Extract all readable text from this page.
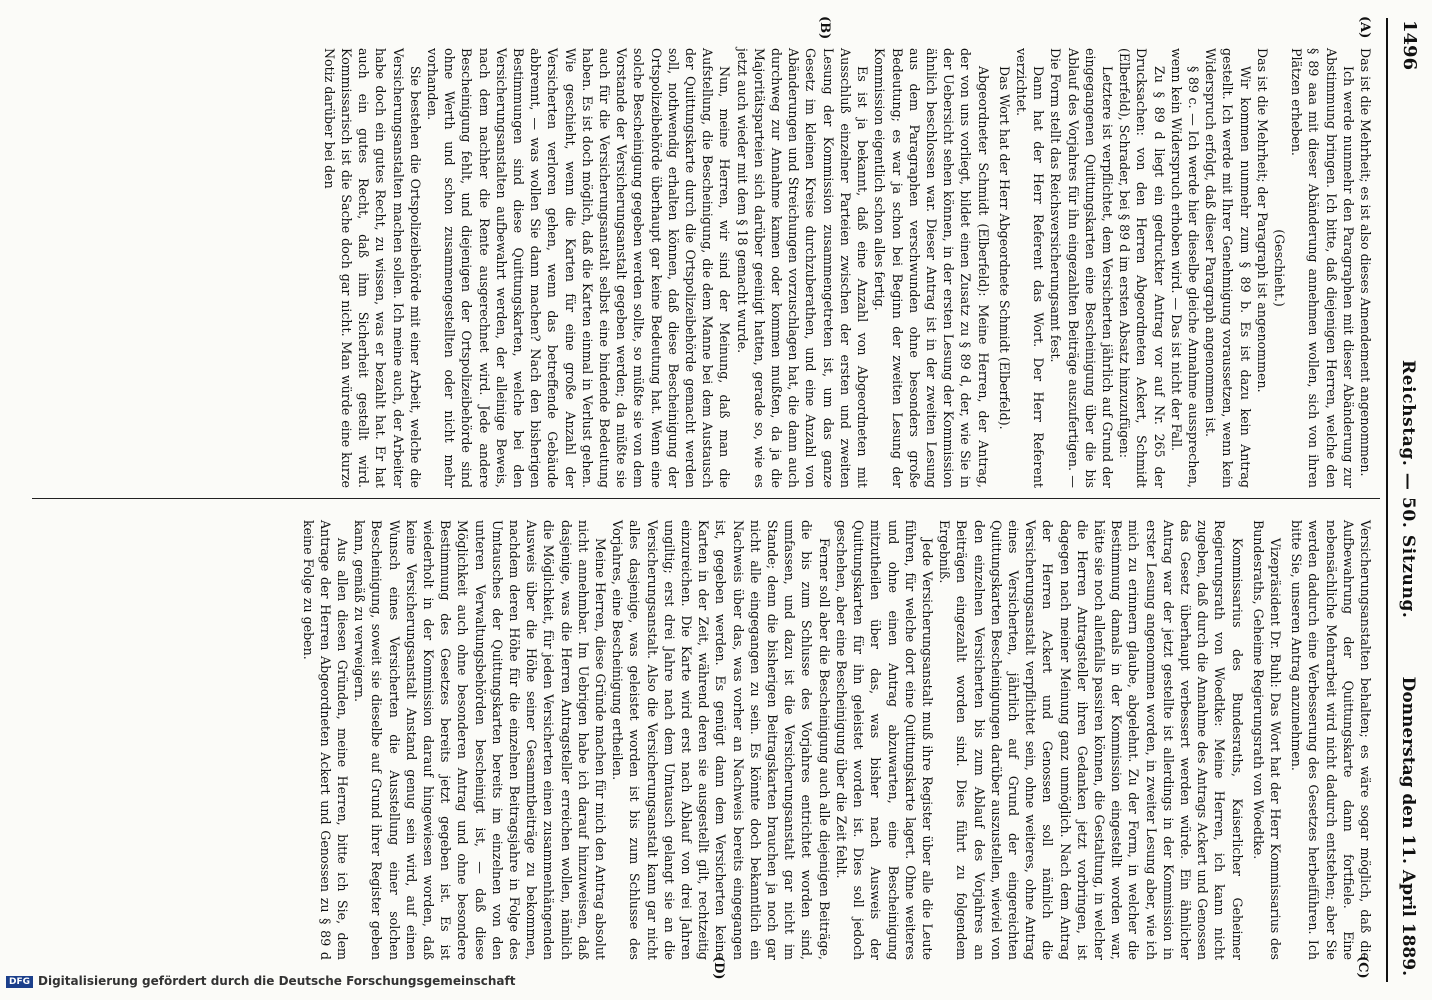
1496
Reichstag. — 50. Sitzung.
Donnerstag den 11. April 1889.
(A)
(B)
(C)
(D)

Das ist die Mehrheit; es ist also dieses Amendement angenommen.

Ich werde nunmehr den Paragraphen mit dieser Abänderung zur Abstimmung bringen. Ich bitte, daß diejenigen Herren, welche den § 89 aaa mit dieser Abänderung annehmen wollen, sich von ihren Plätzen erheben.

(Geschieht.)

Das ist die Mehrheit; der Paragraph ist angenommen.

Wir kommen nunmehr zum § 89 b. Es ist dazu kein Antrag gestellt. Ich werde mit Ihrer Genehmigung voraussetzen, wenn kein Widerspruch erfolgt, daß dieser Paragraph angenommen ist.

§ 89 c. — Ich werde hier dieselbe gleiche Annahme aussprechen, wenn kein Widerspruch erhoben wird. — Das ist nicht der Fall.

Zu § 89 d liegt ein gedruckter Antrag vor auf Nr. 265 der Drucksachen: von den Herren Abgeordneten Ackert, Schmidt (Elberfeld), Schrader, bei § 89 d im ersten Absatz hinzuzufügen:

Letztere ist verpflichtet, dem Versicherten jährlich auf Grund der eingegangenen Quittungskarten eine Bescheinigung über die bis Ablauf des Vorjahres für ihn eingezahlten Beiträge auszufertigen. — Die Form stellt das Reichsversicherungsamt fest.

Dann hat der Herr Referent das Wort. Der Herr Referent verzichtet.

Das Wort hat der Herr Abgeordnete Schmidt (Elberfeld).

Abgeordneter Schmidt (Elberfeld): Meine Herren, der Antrag, der von uns vorliegt, bildet einen Zusatz zu § 89 d, der, wie Sie in der Uebersicht sehen können, in der ersten Lesung der Kommission ähnlich beschlossen war. Dieser Antrag ist in der zweiten Lesung aus dem Paragraphen verschwunden ohne besonders große Bedeutung; es war ja schon bei Beginn der zweiten Lesung der Kommission eigentlich schon alles fertig.

Es ist ja bekannt, daß eine Anzahl von Abgeordneten mit Ausschluß einzelner Parteien zwischen der ersten und zweiten Lesung der Kommission zusammengetreten ist, um das ganze Gesetz im kleinen Kreise durchzuberathen, und eine Anzahl von Abänderungen und Streichungen vorzuschlagen hat, die dann auch durchweg zur Annahme kamen oder kommen mußten, da ja die Majoritätsparteien sich darüber geeinigt hatten, gerade so, wie es jetzt auch wieder mit dem § 18 gemacht wurde.

Nun, meine Herren, wir sind der Meinung, daß man die Aufstellung, die Bescheinigung, die dem Manne bei dem Austausch der Quittungskarte durch die Ortspolizeibehörde gemacht werden soll, nothwendig erhalten können, daß diese Bescheinigung der Ortspolizeibehörde überhaupt gar keine Bedeutung hat. Wenn eine solche Bescheinigung gegeben werden sollte, so müßte sie von dem Vorstande der Versicherungsanstalt gegeben werden; da müßte sie auch für die Versicherungsanstalt selbst eine bindende Bedeutung haben. Es ist doch möglich, daß die Karten einmal in Verlust gehen. Wie geschieht, wenn die Karten für eine große Anzahl der Versicherten verloren gehen, wenn das betreffende Gebäude abbrennt, — was wollen Sie dann machen? Nach den bisherigen Bestimmungen sind diese Quittungskarten, welche bei den Versicherungsanstalten aufbewahrt werden, der alleinige Beweis, nach dem nachher die Rente ausgerechnet wird. Jede andere Bescheinigung fehlt, und diejenigen der Ortspolizeibehörde sind ohne Werth und schon zusammengestellten oder nicht mehr vorhanden.

Sie bestehen die Ortspolizeibehörde mit einer Arbeit, welche die Versicherungsanstalten machen sollen. Ich meine auch, der Arbeiter habe doch ein gutes Recht, zu wissen, was er bezahlt hat. Er hat auch ein gutes Recht, daß ihm Sicherheit gestellt wird. Kommissarisch ist die Sache doch gar nicht. Man würde eine kurze Notiz darüber bei den

Versicherungsanstalten behalten; es wäre sogar möglich, daß die Aufbewahrung der Quittungskarte dann fortfiele. Eine nebensächliche Mehrarbeit wird nicht dadurch entstehen; aber Sie werden dadurch eine Verbesserung des Gesetzes herbeiführen. Ich bitte Sie, unseren Antrag anzunehmen.

Vizepräsident Dr. Buhl: Das Wort hat der Herr Kommissarius des Bundesraths, Geheime Regierungsrath von Woedtke.

Kommissarius des Bundesraths, Kaiserlicher Geheimer Regierungsrath von Woedtke: Meine Herren, ich kann nicht zugeben, daß durch die Annahme des Antrags Ackert und Genossen das Gesetz überhaupt verbessert werden würde. Ein ähnlicher Antrag war der jetzt gestellte ist allerdings in der Kommission in erster Lesung angenommen worden, in zweiter Lesung aber, wie ich mich zu erinnern glaube, abgelehnt. Zu der Form, in welcher die Bestimmung damals in der Kommission eingestellt worden war, hätte sie noch allenfalls passiren können, die Gestaltung, in welcher die Herren Antragsteller ihren Gedanken jetzt vorbringen, ist dagegen nach meiner Meinung ganz unmöglich. Nach dem Antrag der Herren Ackert und Genossen soll nämlich die Versicherungsanstalt verpflichtet sein, ohne weiteres, ohne Antrag eines Versicherten, jährlich auf Grund der eingereichten Quittungskarten Bescheinigungen darüber auszustellen, wieviel von den einzelnen Versicherten bis zum Ablauf des Vorjahres an Beiträgen eingezahlt worden sind. Dies führt zu folgendem Ergebniß.

Jede Versicherungsanstalt muß ihre Register über alle die Leute führen, für welche dort eine Quittungskarte lagert. Ohne weiteres und ohne einen Antrag abzuwarten, eine Bescheinigung mitzutheilen über das, was bisher nach Ausweis der Quittungskarten für ihn geleistet worden ist. Dies soll jedoch geschehen, aber eine Bescheinigung über die Zeit fehlt.

Ferner soll aber die Bescheinigung auch alle diejenigen Beiträge, die bis zum Schlusse des Vorjahres entrichtet worden sind, umfassen, und dazu ist die Versicherungsanstalt gar nicht im Stande; denn die bisherigen Beitragskarten brauchen ja noch gar nicht alle eingegangen zu sein. Es könnte doch bekanntlich ein Nachweis über das, was vorher an Nachweis bereits eingegangen ist, gegeben werden. Es genügt dann dem Versicherten keine Karten in der Zeit, während deren sie ausgestellt gilt, rechtzeitig einzureichen. Die Karte wird erst nach Ablauf von drei Jahren ungiltig; erst drei Jahre nach dem Umtausch gelangt sie an die Versicherungsanstalt. Also die Versicherungsanstalt kann gar nicht alles dasjenige, was geleistet worden ist bis zum Schlusse des Vorjahres, eine Bescheinigung ertheilen.

Meine Herren, diese Gründe machen für mich den Antrag absolut nicht annehmbar. Im Uebrigen habe ich darauf hinzuweisen, daß dasjenige, was die Herren Antragsteller erreichen wollen, nämlich die Möglichkeit, für jeden Versicherten einen zusammenhängenden Ausweis über die Höhe seiner Gesammtbeiträge zu bekommen, nachdem deren Höhe für die einzelnen Beitragsjahre in Folge des Umtausches der Quittungskarten bereits im einzelnen von den unteren Verwaltungsbehörden bescheinigt ist, — daß diese Möglichkeit auch ohne besonderen Antrag und ohne besondere Bestimmung des Gesetzes bereits jetzt gegeben ist. Es ist wiederholt in der Kommission darauf hingewiesen worden, daß keine Versicherungsanstalt Anstand genug sein wird, auf einen Wunsch eines Versicherten die Ausstellung einer solchen Bescheinigung, soweit sie dieselbe auf Grund ihrer Register geben kann, gemäß zu verweigern.

Aus allen diesen Gründen, meine Herren, bitte ich Sie, dem Antrage der Herren Abgeordneten Ackert und Genossen zu § 89 d keine Folge zu geben.

DFG Digitalisierung gefördert durch die Deutsche Forschungsgemeinschaft
